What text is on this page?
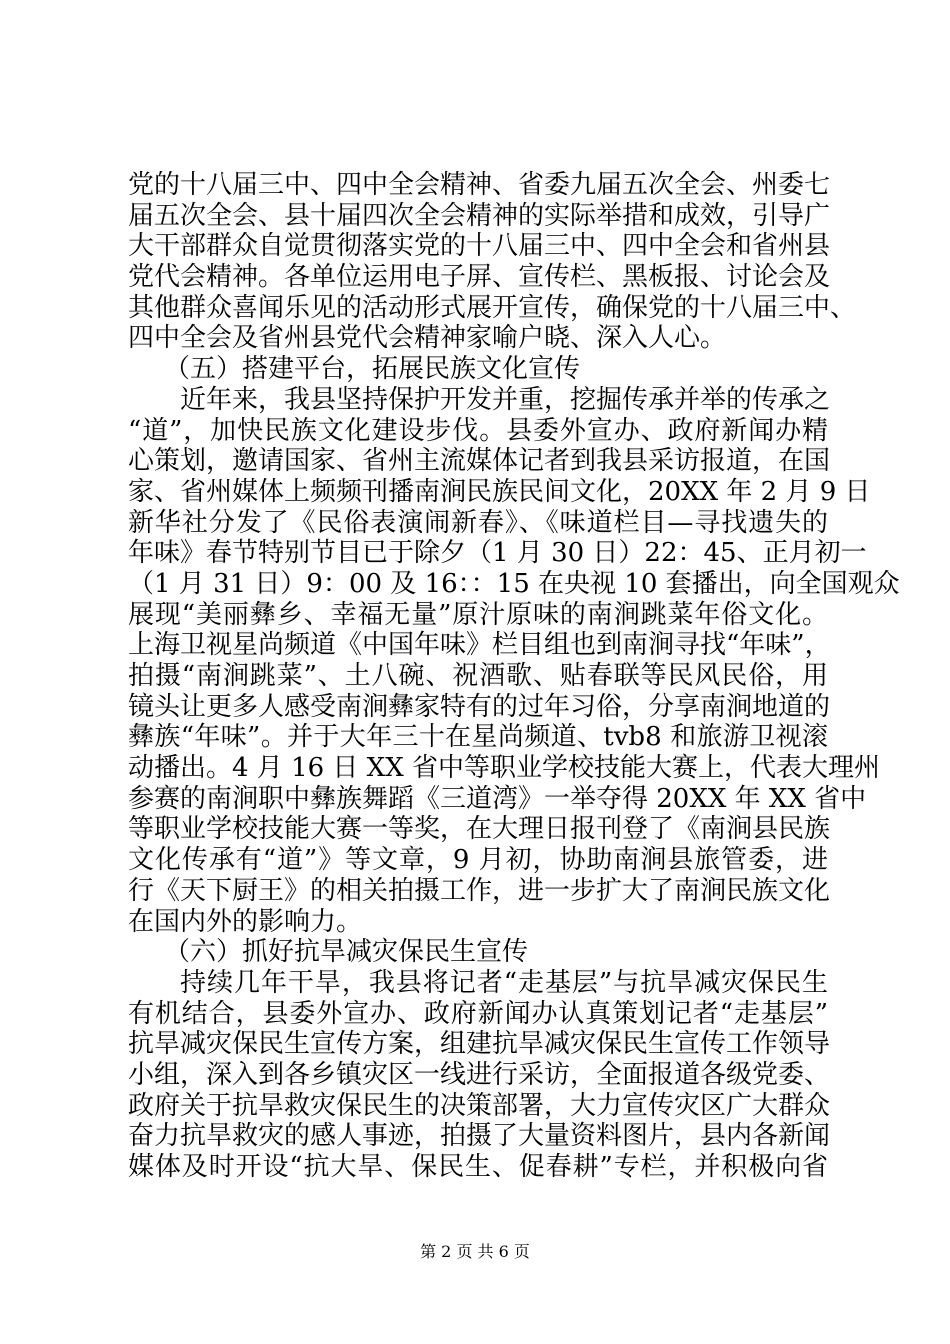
党的十八届三中、四中全会精神、省委九届五次全会、州委七
届五次全会、县十届四次全会精神的实际举措和成效，引导广
大干部群众自觉贯彻落实党的十八届三中、四中全会和省州县
党代会精神。各单位运用电子屏、宣传栏、黑板报、讨论会及
其他群众喜闻乐见的活动形式展开宣传，确保党的十八届三中、
四中全会及省州县党代会精神家喻户晓、深入人心。
（五）搭建平台，拓展民族文化宣传
近年来，我县坚持保护开发并重，挖掘传承并举的传承之
“道”，加快民族文化建设步伐。县委外宣办、政府新闻办精
心策划，邀请国家、省州主流媒体记者到我县采访报道，在国
家、省州媒体上频频刊播南涧民族民间文化，20XX 年 2 月 9 日
新华社分发了《民俗表演闹新春》、《味道栏目—寻找遗失的
年味》春节特别节目已于除夕（1 月 30 日）22：45、正月初一
（1 月 31 日）9：00 及 16：：15 在央视 10 套播出，向全国观众
展现“美丽彝乡、幸福无量”原汁原味的南涧跳菜年俗文化。
上海卫视星尚频道《中国年味》栏目组也到南涧寻找“年味”，
拍摄“南涧跳菜”、土八碗、祝酒歌、贴春联等民风民俗，用
镜头让更多人感受南涧彝家特有的过年习俗，分享南涧地道的
彝族“年味”。并于大年三十在星尚频道、tvb8 和旅游卫视滚
动播出。4 月 16 日 XX 省中等职业学校技能大赛上，代表大理州
参赛的南涧职中彝族舞蹈《三道湾》一举夺得 20XX 年 XX 省中
等职业学校技能大赛一等奖，在大理日报刊登了《南涧县民族
文化传承有“道”》等文章，9 月初，协助南涧县旅管委，进
行《天下厨王》的相关拍摄工作，进一步扩大了南涧民族文化
在国内外的影响力。
（六）抓好抗旱减灾保民生宣传
持续几年干旱，我县将记者“走基层”与抗旱减灾保民生
有机结合，县委外宣办、政府新闻办认真策划记者“走基层”
抗旱减灾保民生宣传方案，组建抗旱减灾保民生宣传工作领导
小组，深入到各乡镇灾区一线进行采访，全面报道各级党委、
政府关于抗旱救灾保民生的决策部署，大力宣传灾区广大群众
奋力抗旱救灾的感人事迹，拍摄了大量资料图片，县内各新闻
媒体及时开设“抗大旱、保民生、促春耕”专栏，并积极向省
第 2 页 共 6 页
